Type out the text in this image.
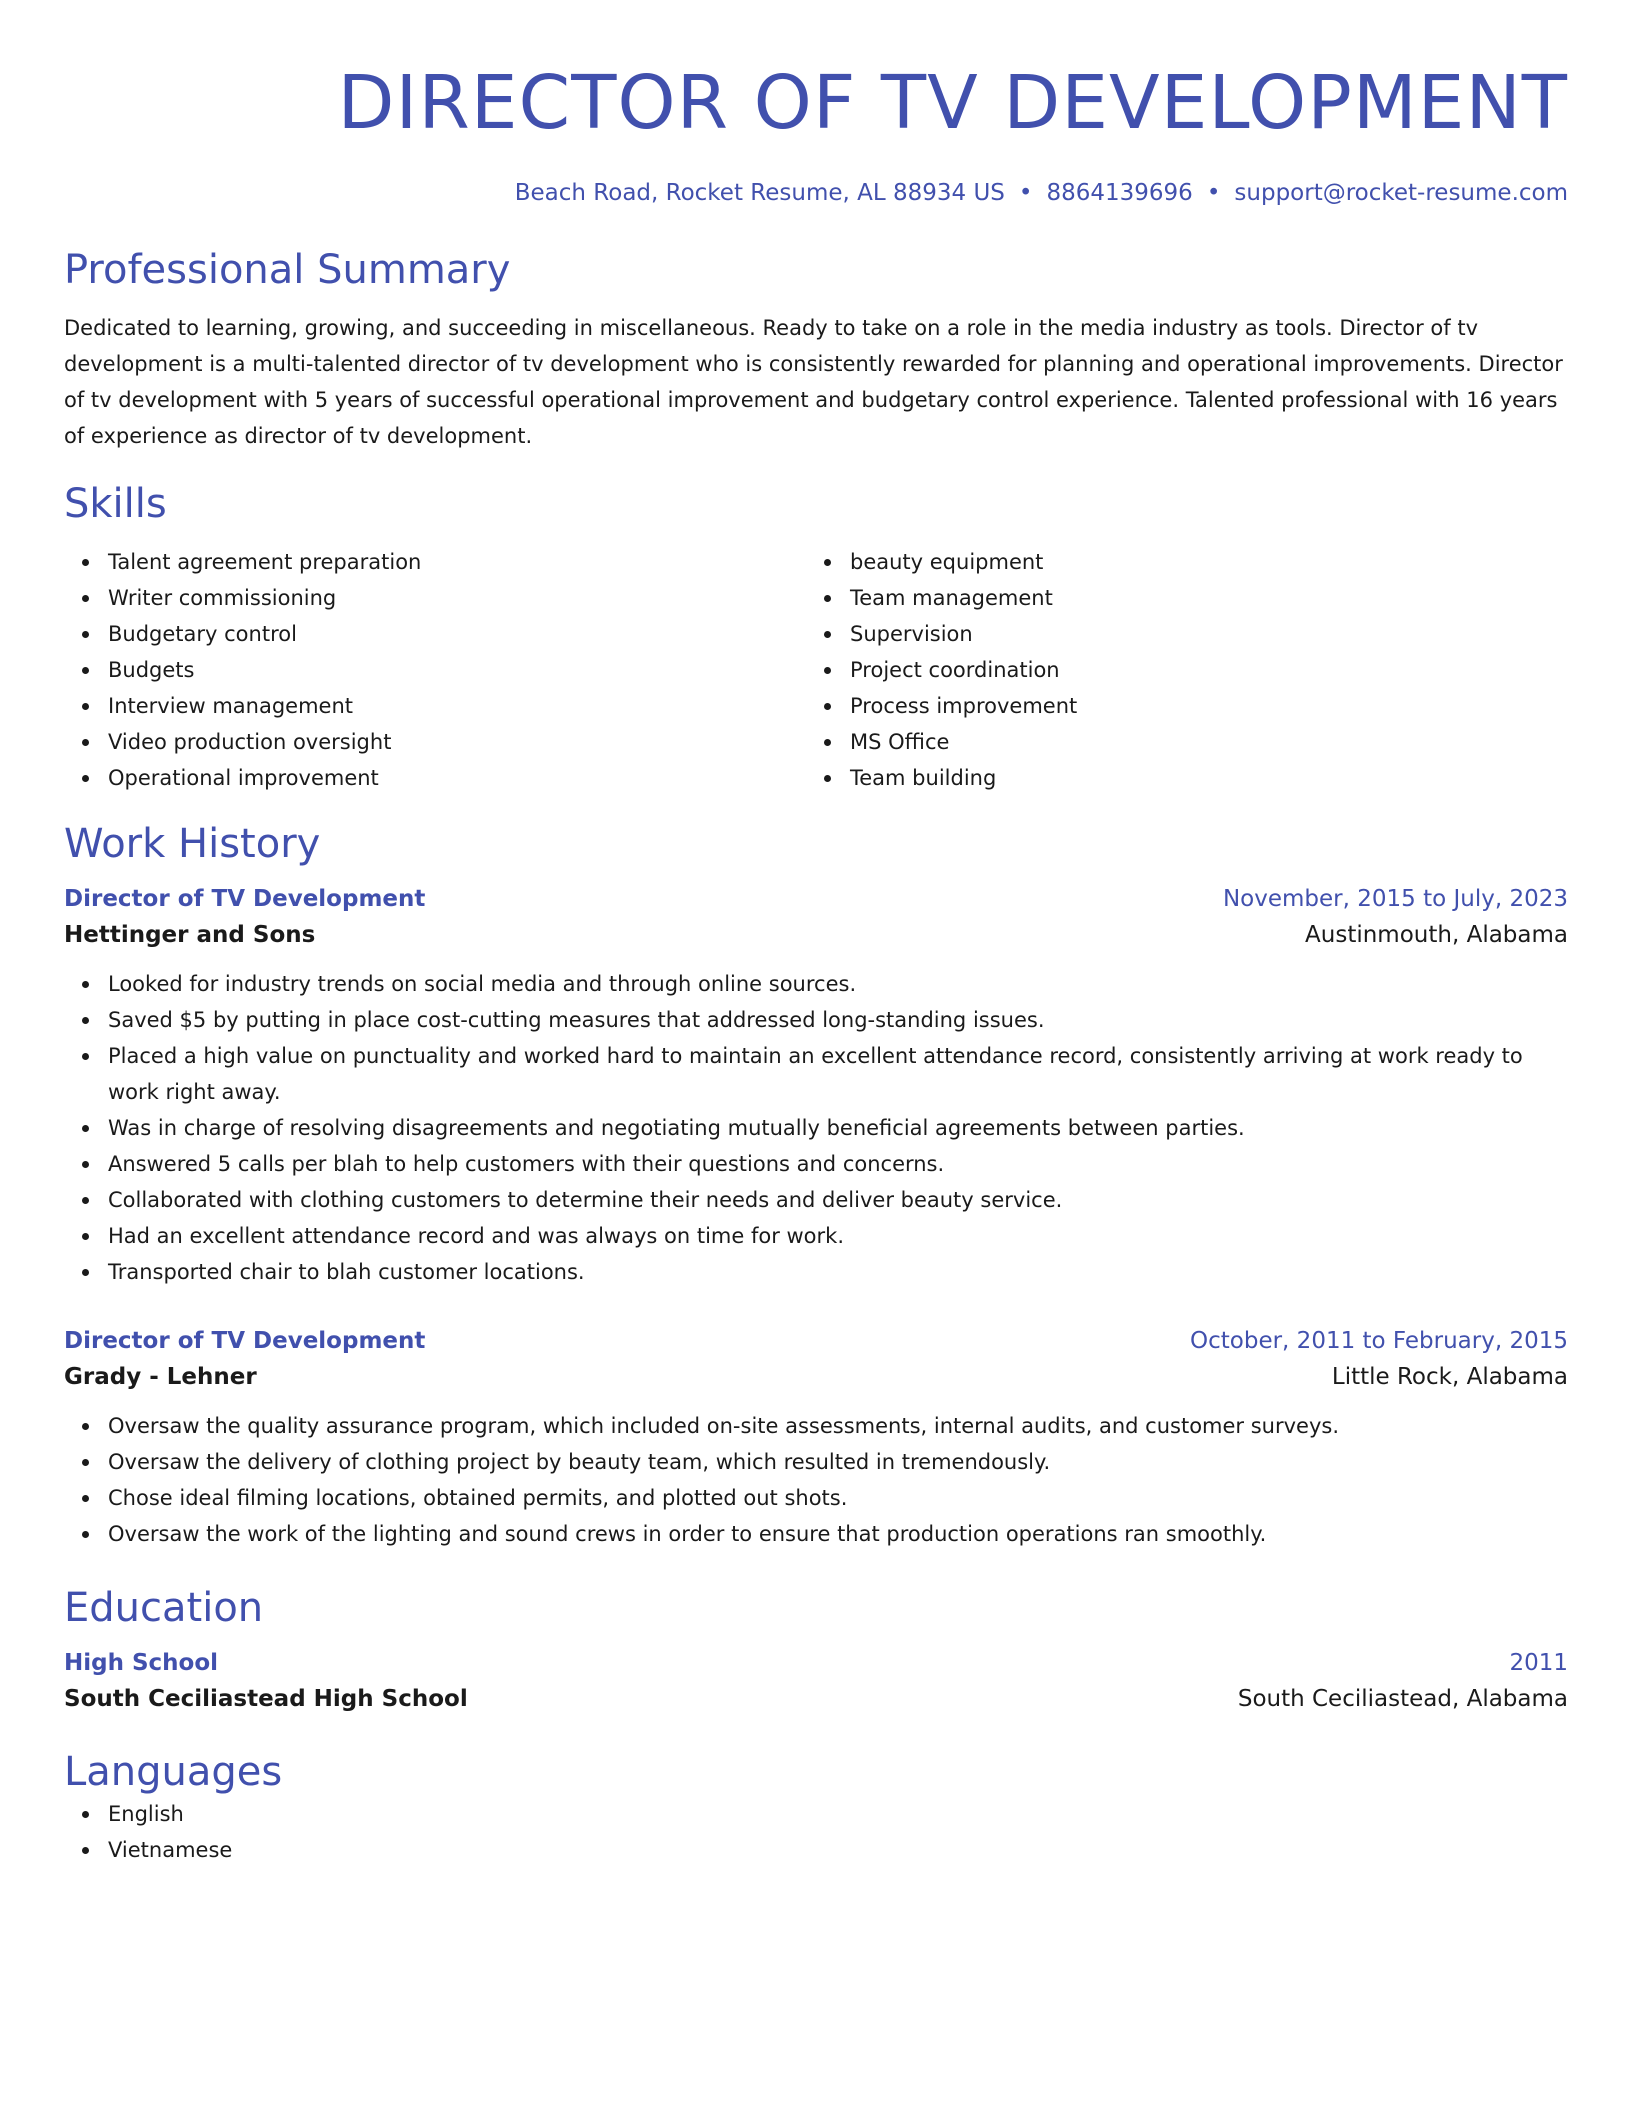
DIRECTOR OF TV DEVELOPMENT
Beach Road, Rocket Resume, AL 88934 US • 8864139696 • support@rocket-resume.com
Professional Summary
Dedicated to learning, growing, and succeeding in miscellaneous. Ready to take on a role in the media industry as tools. Director of tv development is a multi-talented director of tv development who is consistently rewarded for planning and operational improvements. Director of tv development with 5 years of successful operational improvement and budgetary control experience. Talented professional with 16 years of experience as director of tv development.
Skills
Talent agreement preparation
Writer commissioning
Budgetary control
Budgets
Interview management
Video production oversight
Operational improvement
beauty equipment
Team management
Supervision
Project coordination
Process improvement
MS Office
Team building
Work History
Director of TV Development	November, 2015 to July, 2023
Hettinger and Sons	Austinmouth, Alabama
Looked for industry trends on social media and through online sources.
Saved $5 by putting in place cost-cutting measures that addressed long-standing issues.
Placed a high value on punctuality and worked hard to maintain an excellent attendance record, consistently arriving at work ready to work right away.
Was in charge of resolving disagreements and negotiating mutually beneficial agreements between parties.
Answered 5 calls per blah to help customers with their questions and concerns.
Collaborated with clothing customers to determine their needs and deliver beauty service.
Had an excellent attendance record and was always on time for work.
Transported chair to blah customer locations.
Director of TV Development	October, 2011 to February, 2015
Grady - Lehner	Little Rock, Alabama
Oversaw the quality assurance program, which included on-site assessments, internal audits, and customer surveys.
Oversaw the delivery of clothing project by beauty team, which resulted in tremendously.
Chose ideal filming locations, obtained permits, and plotted out shots.
Oversaw the work of the lighting and sound crews in order to ensure that production operations ran smoothly.
Education
High School	2011
South Ceciliastead High School	South Ceciliastead, Alabama
Languages
English
Vietnamese
